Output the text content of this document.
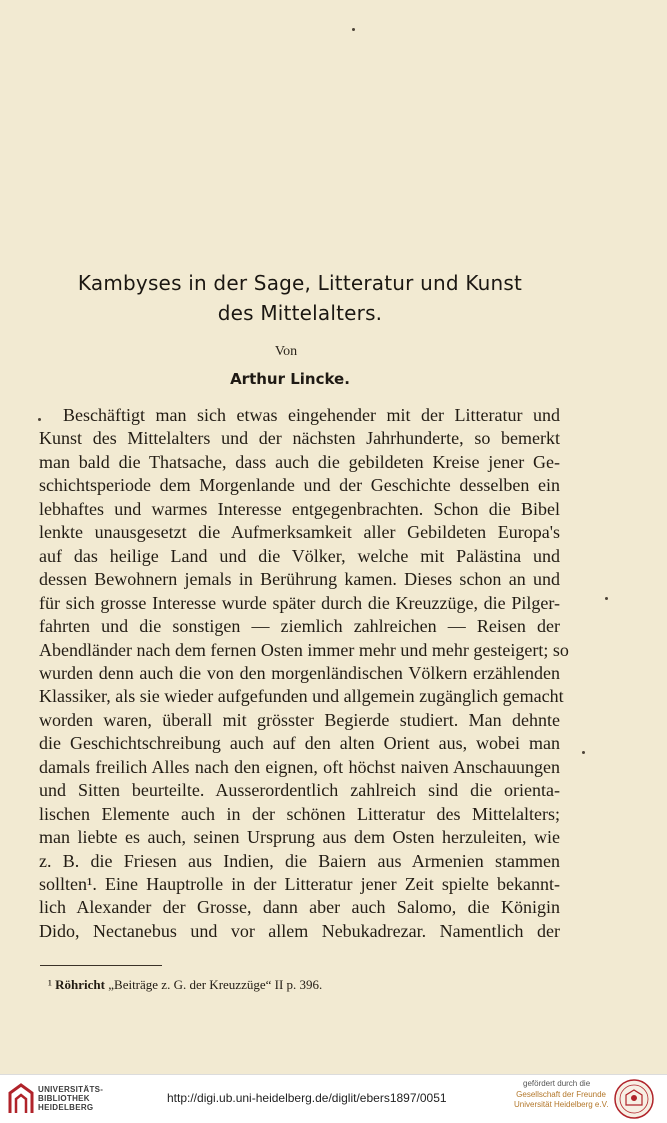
Kambyses in der Sage, Litteratur und Kunst
des Mittelalters.
Von
Arthur Lincke.
Beschäftigt man sich etwas eingehender mit der Litteratur und
Kunst des Mittelalters und der nächsten Jahrhunderte, so bemerkt
man bald die Thatsache, dass auch die gebildeten Kreise jener Ge-
schichtsperiode dem Morgenlande und der Geschichte desselben ein
lebhaftes und warmes Interesse entgegenbrachten. Schon die Bibel
lenkte unausgesetzt die Aufmerksamkeit aller Gebildeten Europa's
auf das heilige Land und die Völker, welche mit Palästina und
dessen Bewohnern jemals in Berührung kamen. Dieses schon an und
für sich grosse Interesse wurde später durch die Kreuzzüge, die Pilger-
fahrten und die sonstigen — ziemlich zahlreichen — Reisen der
Abendländer nach dem fernen Osten immer mehr und mehr gesteigert; so
wurden denn auch die von den morgenländischen Völkern erzählenden
Klassiker, als sie wieder aufgefunden und allgemein zugänglich gemacht
worden waren, überall mit grösster Begierde studiert. Man dehnte
die Geschichtschreibung auch auf den alten Orient aus, wobei man
damals freilich Alles nach den eignen, oft höchst naiven Anschauungen
und Sitten beurteilte. Ausserordentlich zahlreich sind die orienta-
lischen Elemente auch in der schönen Litteratur des Mittelalters;
man liebte es auch, seinen Ursprung aus dem Osten herzuleiten, wie
z. B. die Friesen aus Indien, die Baiern aus Armenien stammen
sollten¹. Eine Hauptrolle in der Litteratur jener Zeit spielte bekannt-
lich Alexander der Grosse, dann aber auch Salomo, die Königin
Dido, Nectanebus und vor allem Nebukadrezar. Namentlich der
¹ Röhricht „Beiträge z. G. der Kreuzzüge“ II p. 396.
UNIVERSITÄTS-
BIBLIOTHEK
HEIDELBERG
http://digi.ub.uni-heidelberg.de/diglit/ebers1897/0051
gefördert durch die
Gesellschaft der Freunde
Universität Heidelberg e.V.
